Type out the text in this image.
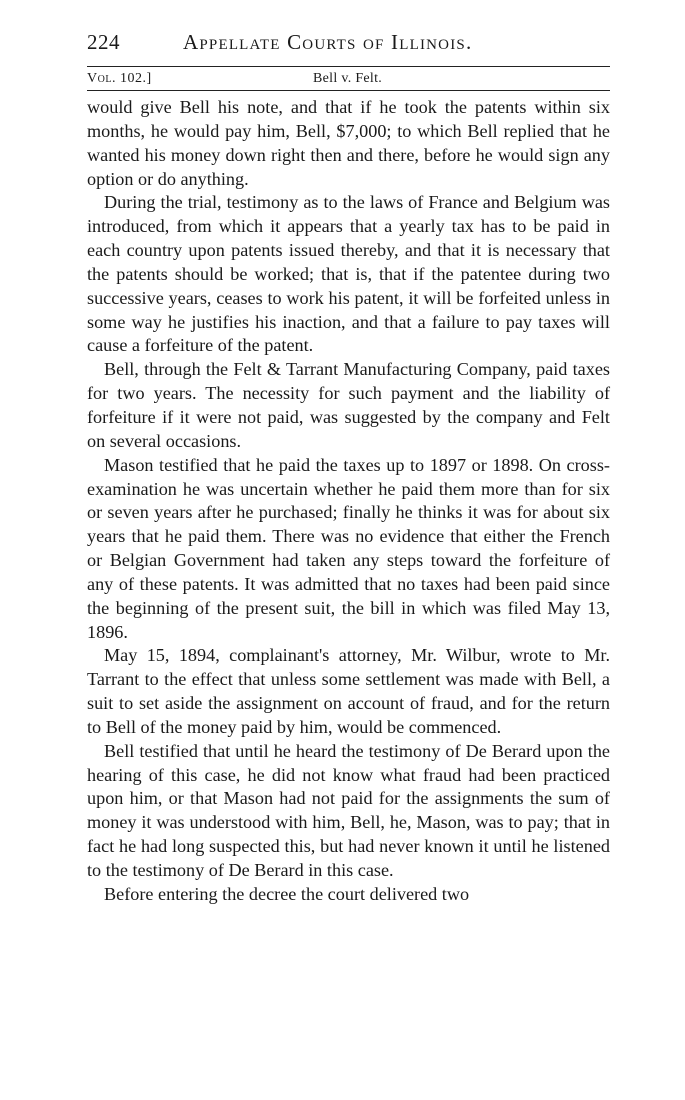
224	Appellate Courts of Illinois.
Vol. 102.]	Bell v. Felt.

would give Bell his note, and that if he took the patents within six months, he would pay him, Bell, $7,000; to which Bell replied that he wanted his money down right then and there, before he would sign any option or do anything.

During the trial, testimony as to the laws of France and Belgium was introduced, from which it appears that a yearly tax has to be paid in each country upon patents issued thereby, and that it is necessary that the patents should be worked; that is, that if the patentee during two successive years, ceases to work his patent, it will be forfeited unless in some way he justifies his inaction, and that a failure to pay taxes will cause a forfeiture of the patent.

Bell, through the Felt & Tarrant Manufacturing Company, paid taxes for two years. The necessity for such payment and the liability of forfeiture if it were not paid, was suggested by the company and Felt on several occasions.

Mason testified that he paid the taxes up to 1897 or 1898. On cross-examination he was uncertain whether he paid them more than for six or seven years after he purchased; finally he thinks it was for about six years that he paid them. There was no evidence that either the French or Belgian Government had taken any steps toward the forfeiture of any of these patents. It was admitted that no taxes had been paid since the beginning of the present suit, the bill in which was filed May 13, 1896.

May 15, 1894, complainant's attorney, Mr. Wilbur, wrote to Mr. Tarrant to the effect that unless some settlement was made with Bell, a suit to set aside the assignment on account of fraud, and for the return to Bell of the money paid by him, would be commenced.

Bell testified that until he heard the testimony of De Berard upon the hearing of this case, he did not know what fraud had been practiced upon him, or that Mason had not paid for the assignments the sum of money it was understood with him, Bell, he, Mason, was to pay; that in fact he had long suspected this, but had never known it until he listened to the testimony of De Berard in this case.

Before entering the decree the court delivered two
